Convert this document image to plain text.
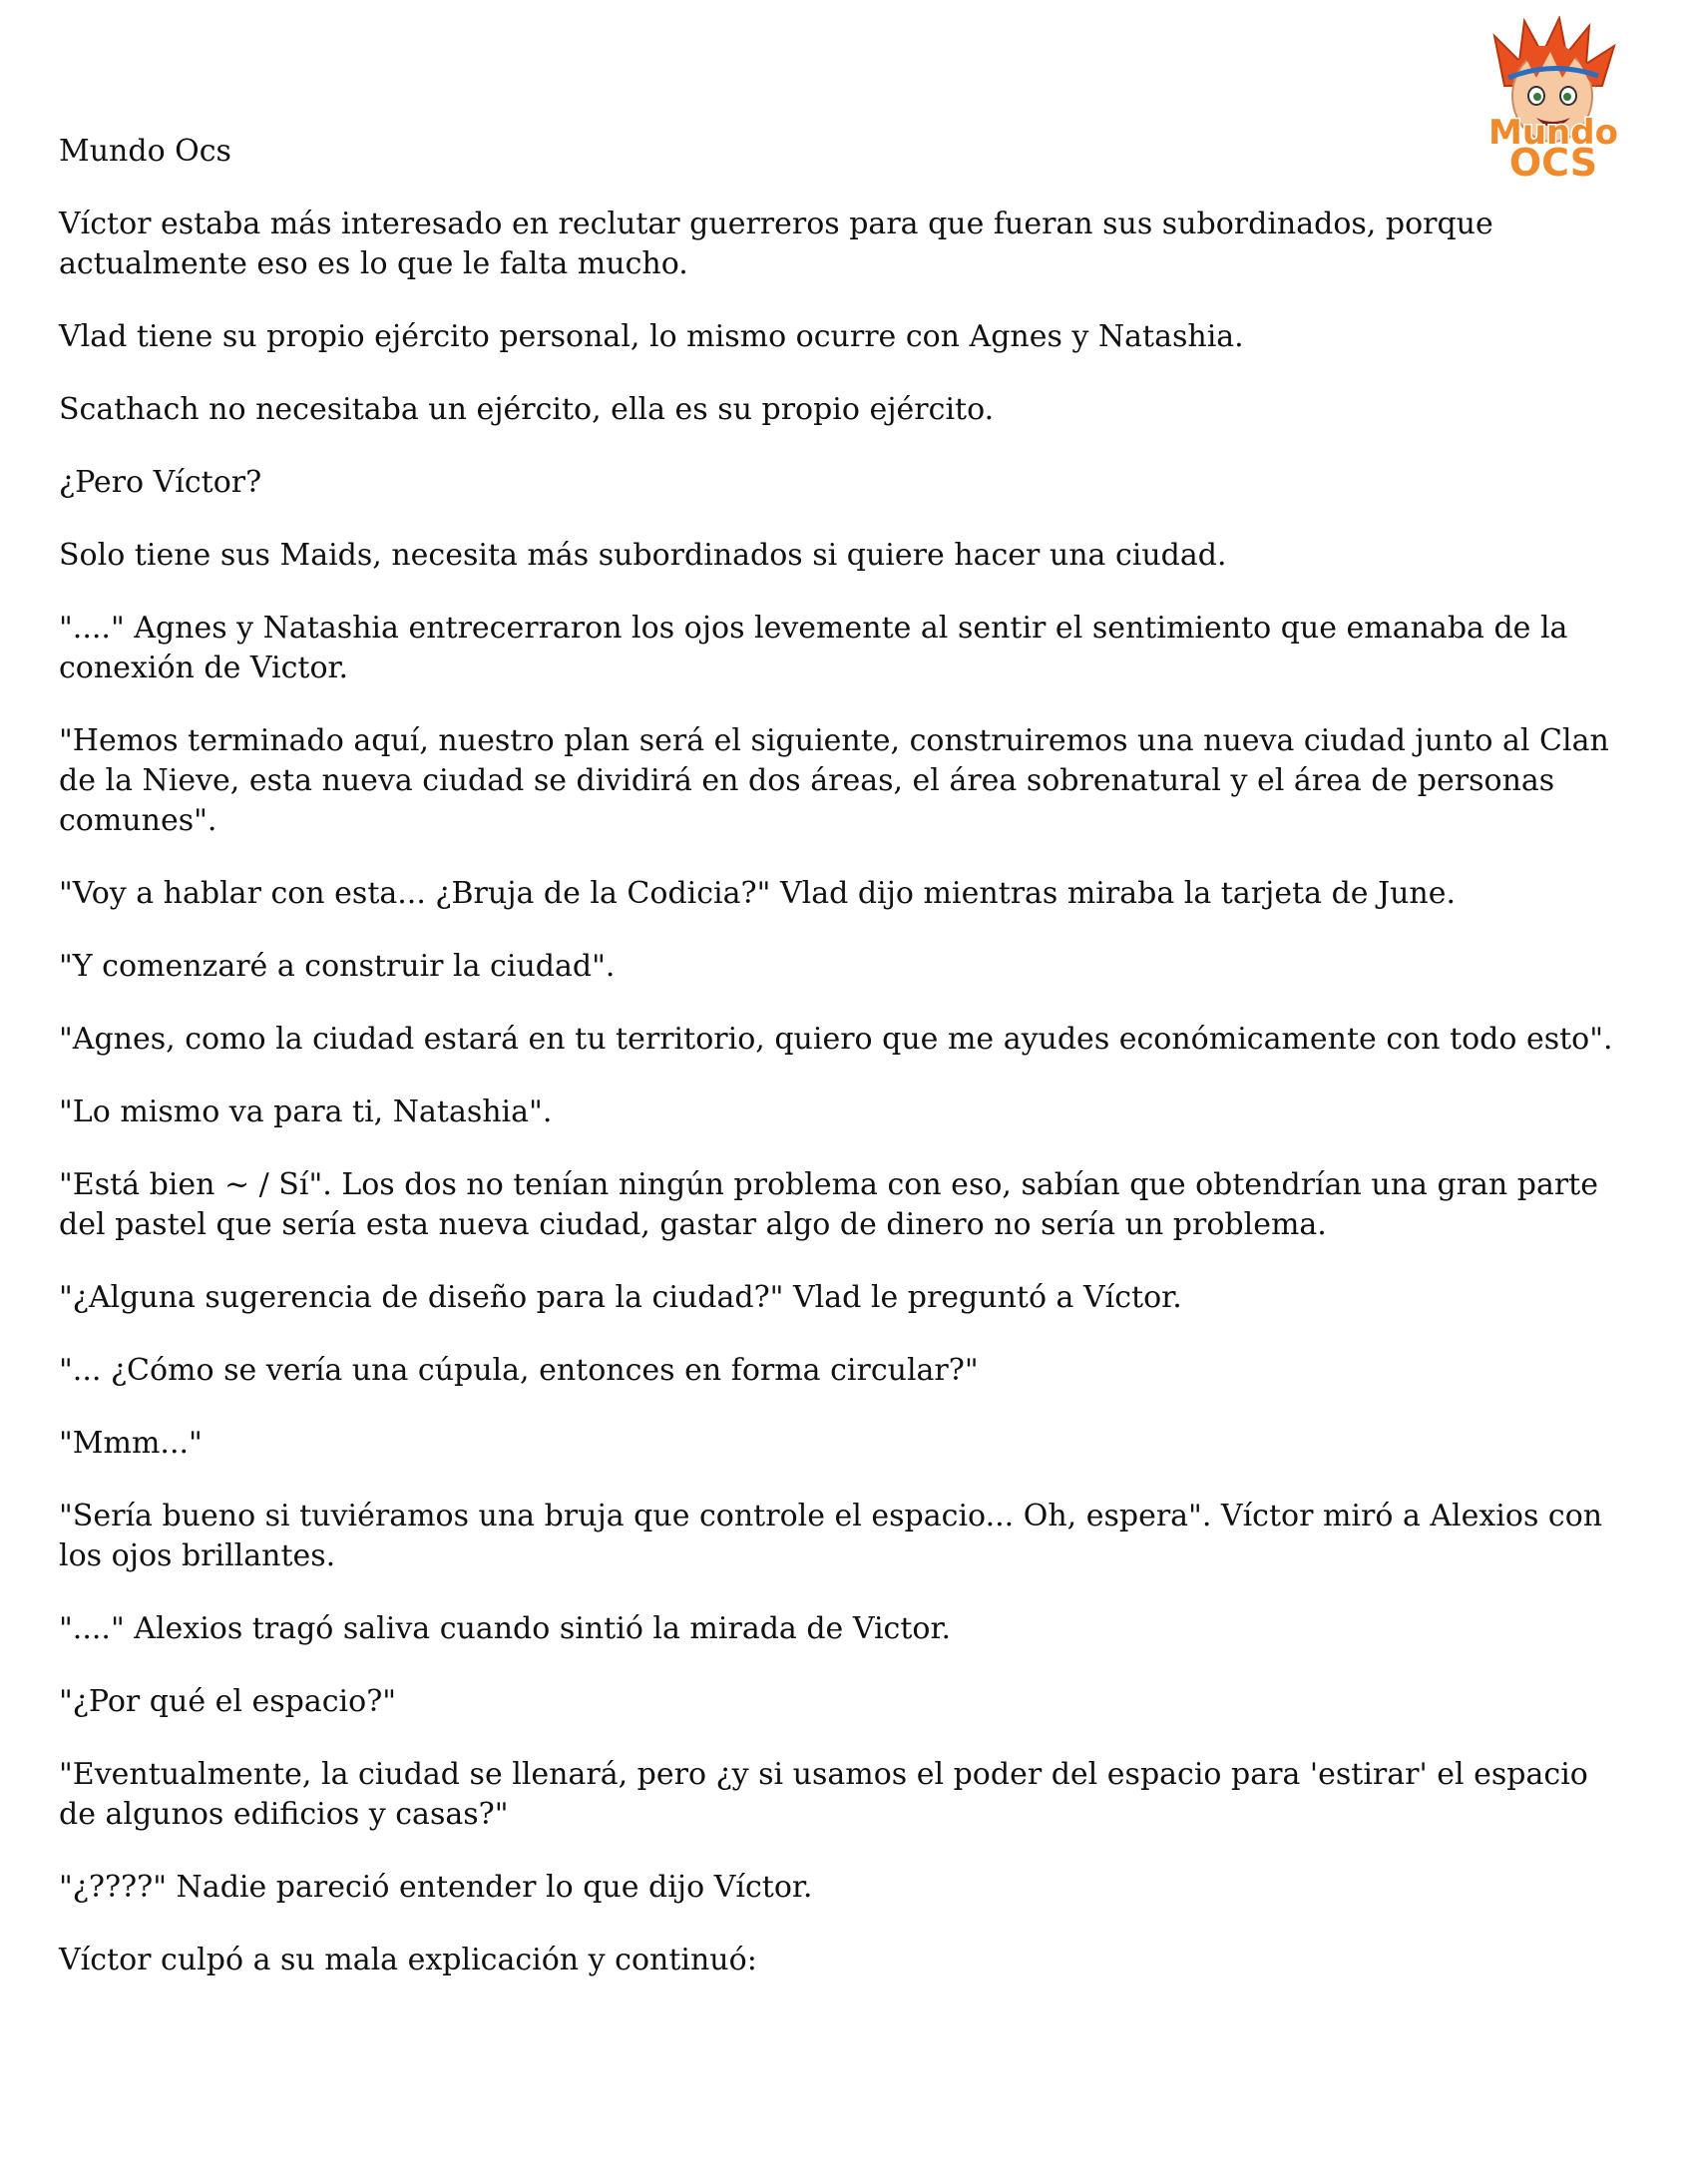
Mundo
OCS
Mundo Ocs

Víctor estaba más interesado en reclutar guerreros para que fueran sus subordinados, porque actualmente eso es lo que le falta mucho.

Vlad tiene su propio ejército personal, lo mismo ocurre con Agnes y Natashia.

Scathach no necesitaba un ejército, ella es su propio ejército.

¿Pero Víctor?

Solo tiene sus Maids, necesita más subordinados si quiere hacer una ciudad.

"...." Agnes y Natashia entrecerraron los ojos levemente al sentir el sentimiento que emanaba de la conexión de Victor.

"Hemos terminado aquí, nuestro plan será el siguiente, construiremos una nueva ciudad junto al Clan de la Nieve, esta nueva ciudad se dividirá en dos áreas, el área sobrenatural y el área de personas comunes".

"Voy a hablar con esta... ¿Bruja de la Codicia?" Vlad dijo mientras miraba la tarjeta de June.

"Y comenzaré a construir la ciudad".

"Agnes, como la ciudad estará en tu territorio, quiero que me ayudes económicamente con todo esto".

"Lo mismo va para ti, Natashia".

"Está bien ~ / Sí". Los dos no tenían ningún problema con eso, sabían que obtendrían una gran parte del pastel que sería esta nueva ciudad, gastar algo de dinero no sería un problema.

"¿Alguna sugerencia de diseño para la ciudad?" Vlad le preguntó a Víctor.

"... ¿Cómo se vería una cúpula, entonces en forma circular?"

"Mmm..."

"Sería bueno si tuviéramos una bruja que controle el espacio... Oh, espera". Víctor miró a Alexios con los ojos brillantes.

"...." Alexios tragó saliva cuando sintió la mirada de Victor.

"¿Por qué el espacio?"

"Eventualmente, la ciudad se llenará, pero ¿y si usamos el poder del espacio para 'estirar' el espacio de algunos edificios y casas?"

"¿????" Nadie pareció entender lo que dijo Víctor.

Víctor culpó a su mala explicación y continuó:
